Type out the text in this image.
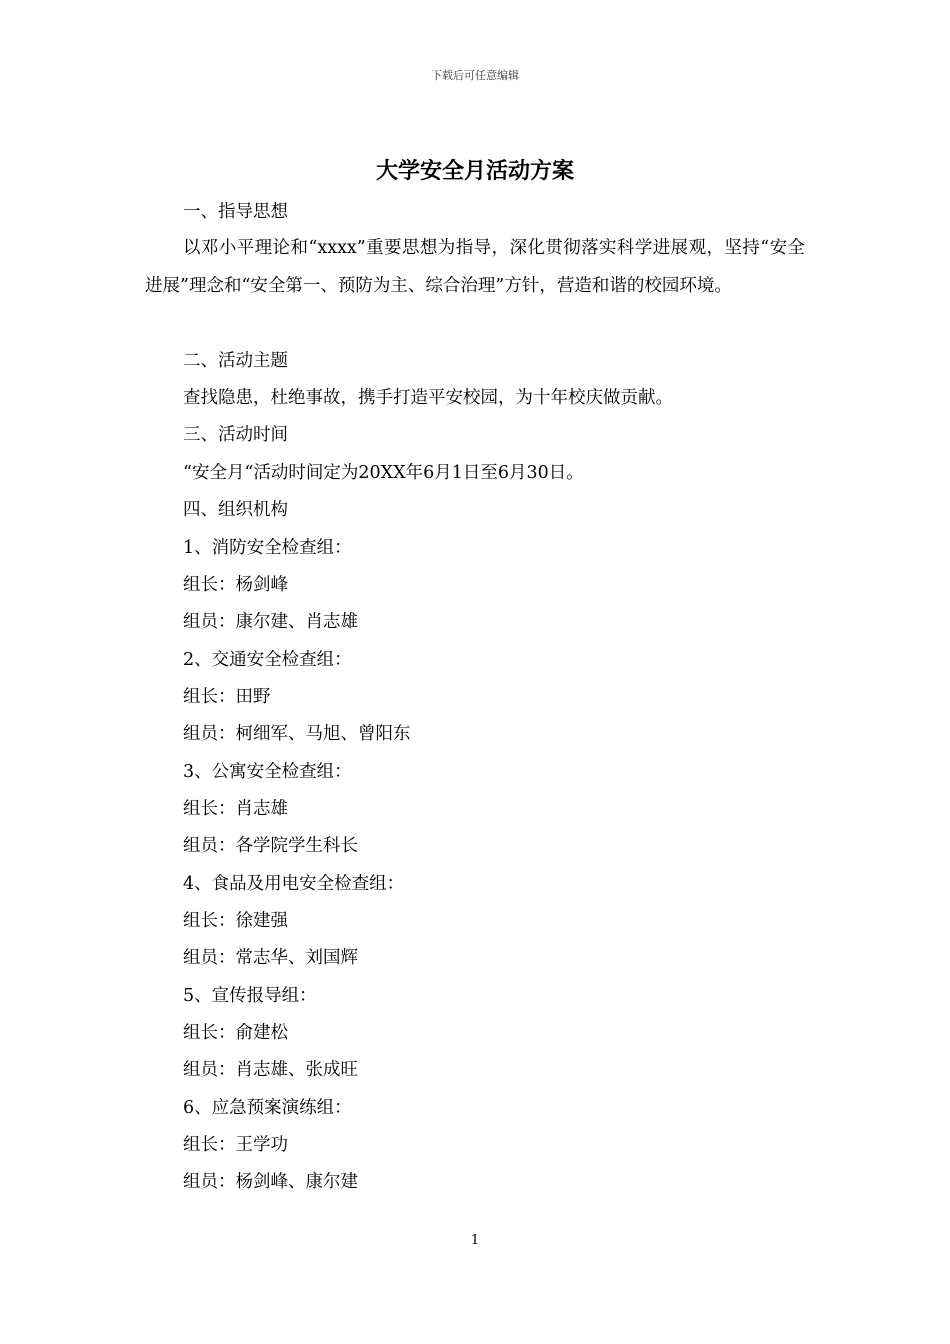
下载后可任意编辑
大学安全月活动方案
一、指导思想
以邓小平理论和“xxxx”重要思想为指导，深化贯彻落实科学进展观，坚持“安全进展”理念和“安全第一、预防为主、综合治理”方针，营造和谐的校园环境。
二、活动主题
查找隐患，杜绝事故，携手打造平安校园，为十年校庆做贡献。
三、活动时间
“安全月“活动时间定为20XX年6月1日至6月30日。
四、组织机构
1、消防安全检查组：
组长：杨剑峰
组员：康尔建、肖志雄
2、交通安全检查组：
组长：田野
组员：柯细军、马旭、曾阳东
3、公寓安全检查组：
组长：肖志雄
组员：各学院学生科长
4、食品及用电安全检查组：
组长：徐建强
组员：常志华、刘国辉
5、宣传报导组：
组长：俞建松
组员：肖志雄、张成旺
6、应急预案演练组：
组长：王学功
组员：杨剑峰、康尔建
1
